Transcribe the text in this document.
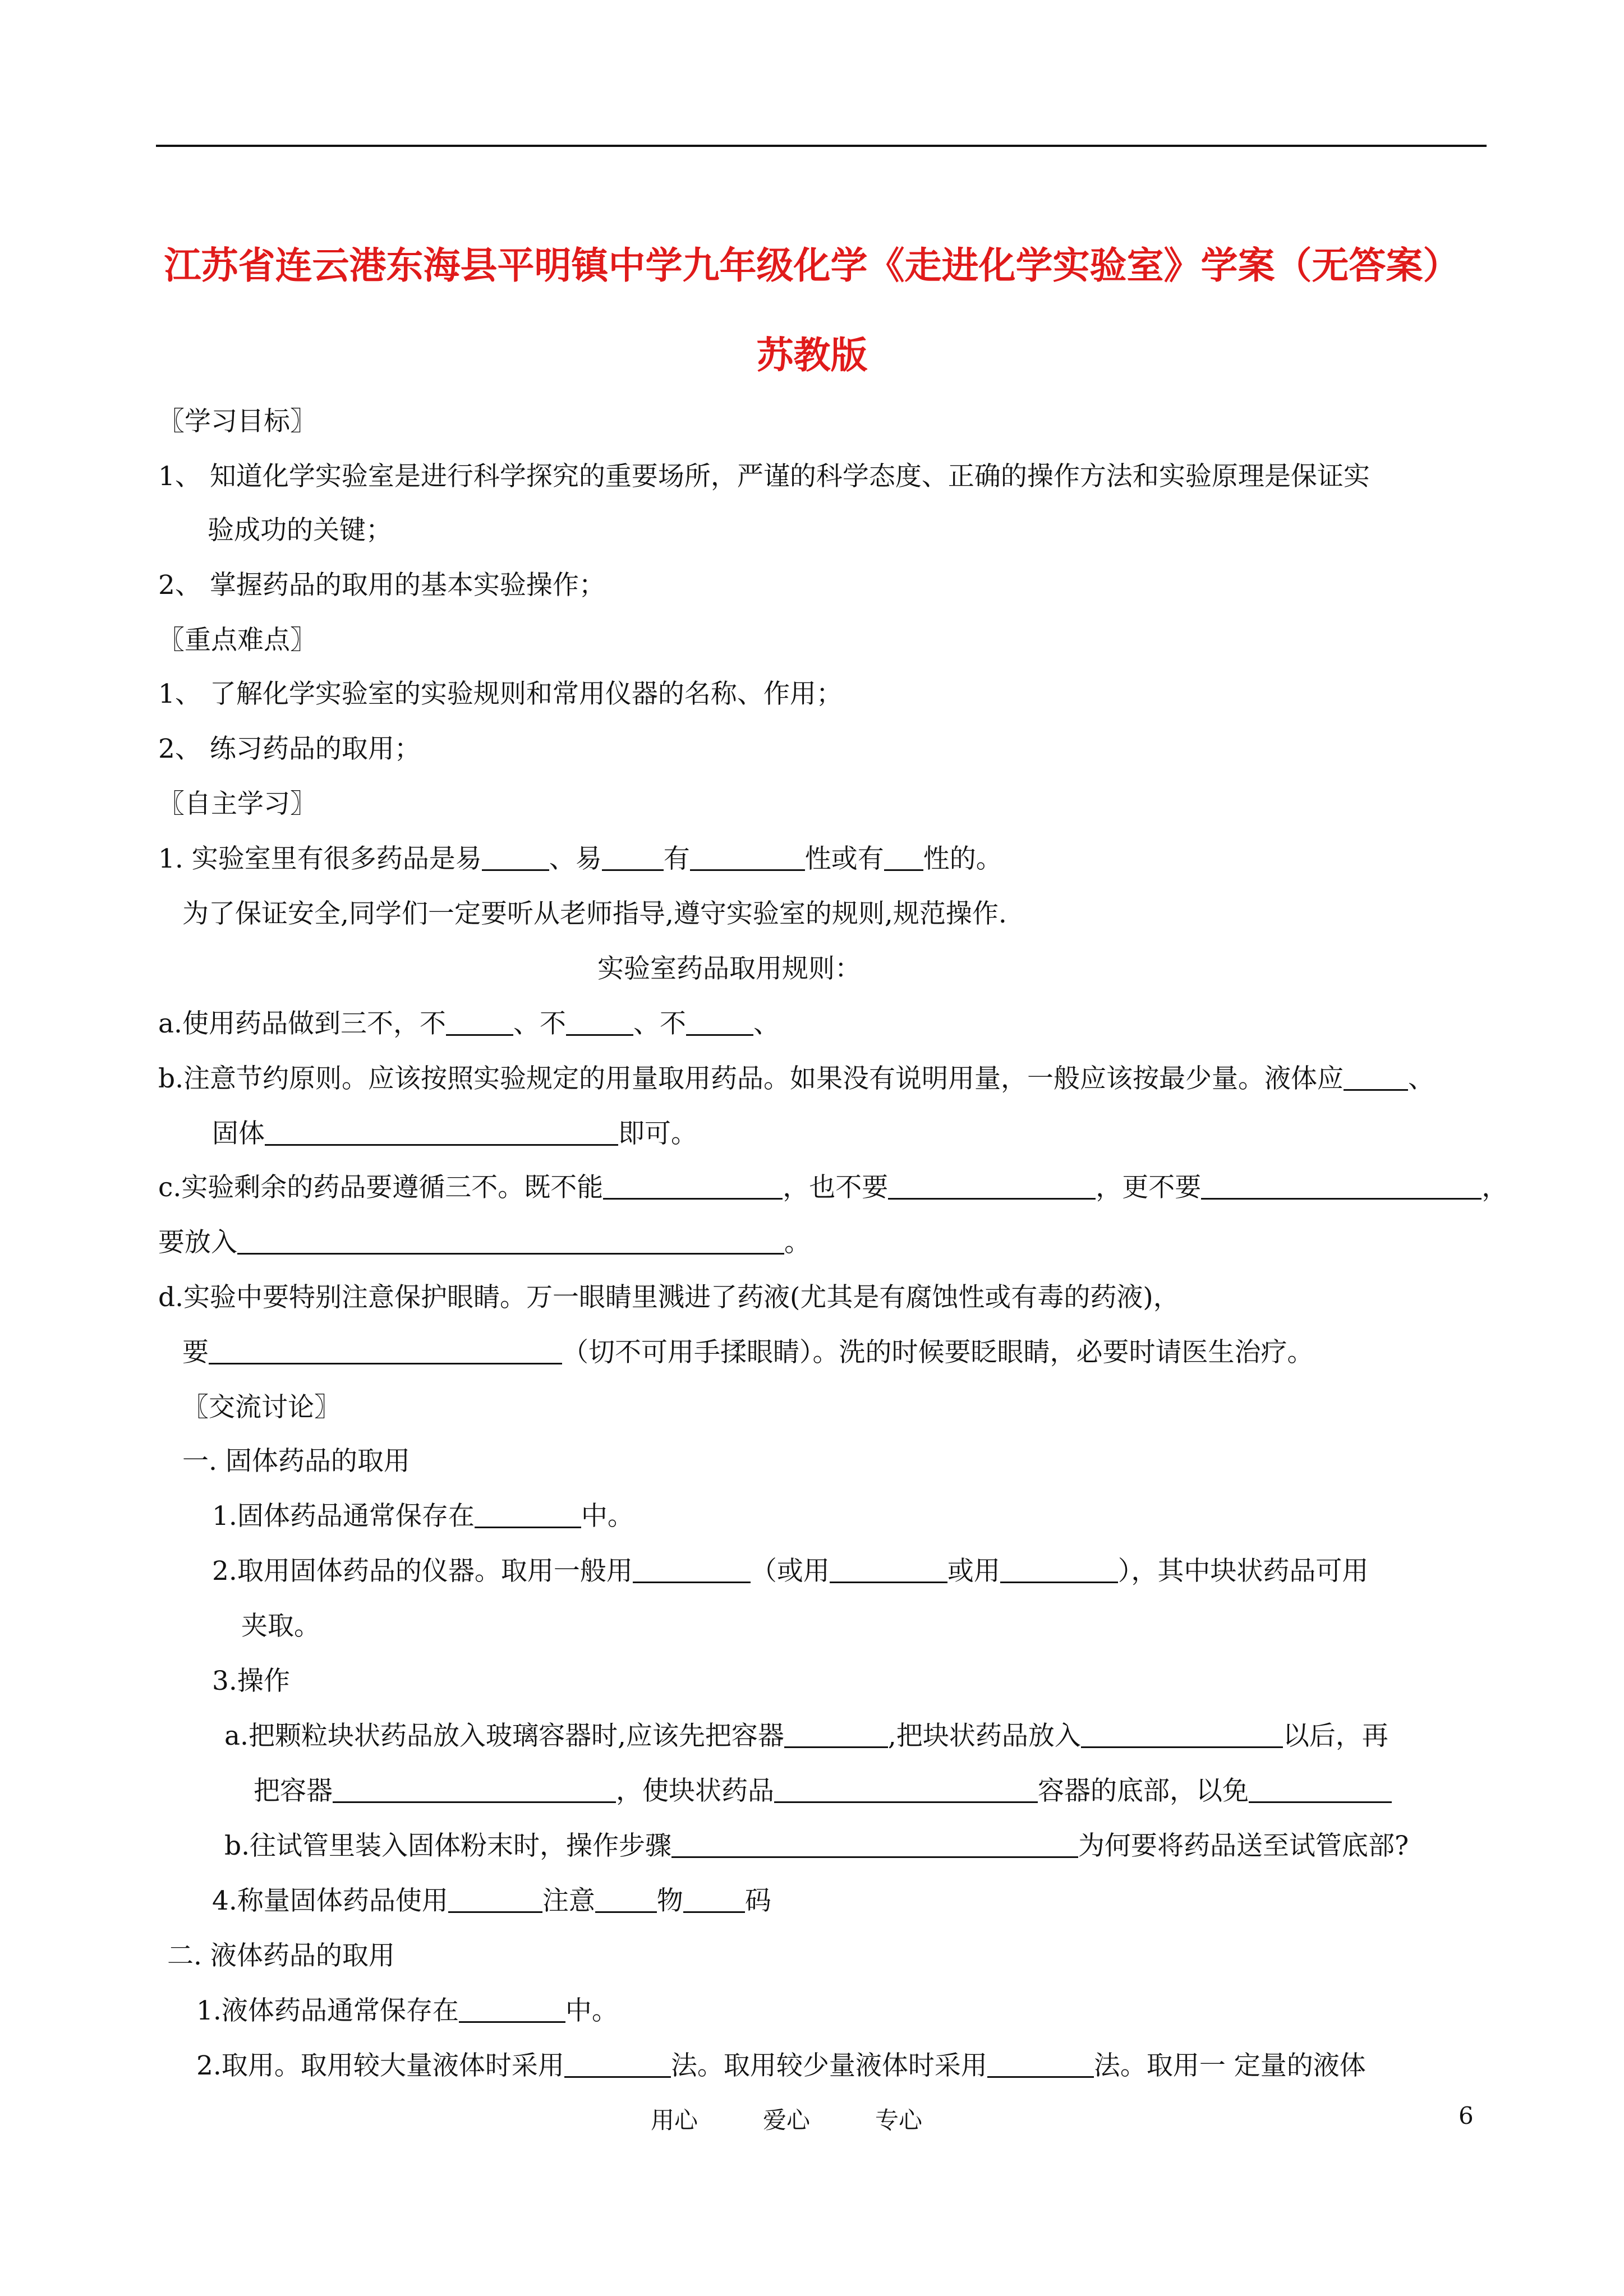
江苏省连云港东海县平明镇中学九年级化学《走进化学实验室》学案（无答案）
苏教版
〖学习目标〗
1、 知道化学实验室是进行科学探究的重要场所，严谨的科学态度、正确的操作方法和实验原理是保证实
验成功的关键；
2、 掌握药品的取用的基本实验操作；
〖重点难点〗
1、 了解化学实验室的实验规则和常用仪器的名称、作用；
2、 练习药品的取用；
〖自主学习〗
1. 实验室里有很多药品是易	、易 有	性或有 性的。
为了保证安全,同学们一定要听从老师指导,遵守实验室的规则,规范操作.
实验室药品取用规则：
a.使用药品做到三不，不	、不	、不	、
b.注意节约原则。应该按照实验规定的用量取用药品。如果没有说明用量，一般应该按最少量。液体应 、
固体	即可。
c.实验剩余的药品要遵循三不。既不能	，也不要	，更不要	，
要放入	。
d.实验中要特别注意保护眼睛。万一眼睛里溅进了药液(尤其是有腐蚀性或有毒的药液)，
要	（切不可用手揉眼睛）。洗的时候要眨眼睛，必要时请医生治疗。
〖交流讨论〗
一. 固体药品的取用
1.固体药品通常保存在	中。
2.取用固体药品的仪器。取用一般用	（或用	或用	），其中块状药品可用
夹取。
3.操作
a.把颗粒块状药品放入玻璃容器时,应该先把容器	,把块状药品放入	以后，再
把容器	，使块状药品	容器的底部，以免
b.往试管里装入固体粉末时，操作步骤	为何要将药品送至试管底部?
4.称量固体药品使用	注意 物 码
二. 液体药品的取用
1.液体药品通常保存在	中。
2.取用。取用较大量液体时采用	法。取用较少量液体时采用	法。取用一 定量的液体
用心	爱心	专心	6
